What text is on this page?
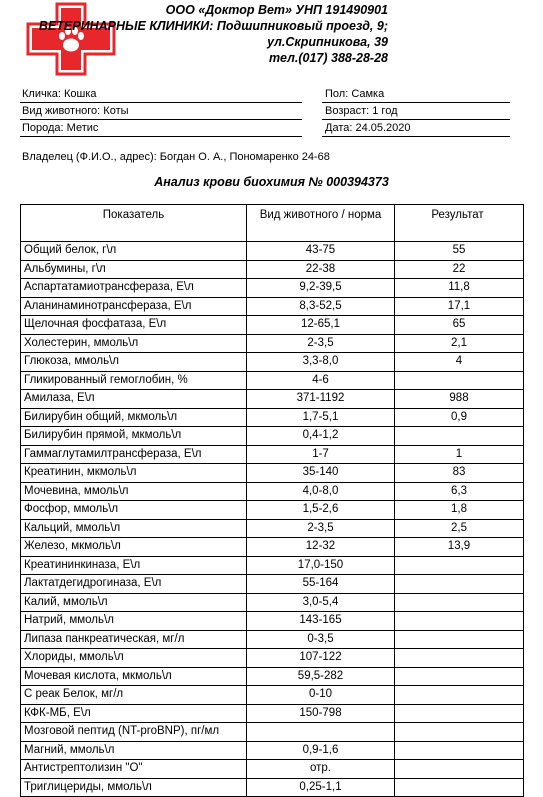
ООО «Доктор Вет» УНП 191490901
ВЕТЕРИНАРНЫЕ КЛИНИКИ: Подшипниковый проезд, 9;
ул.Скрипникова, 39
тел.(017) 388-28-28
Кличка: Кошка
Вид животного: Коты
Порода: Метис
Пол: Самка
Возраст: 1 год
Дата: 24.05.2020
Владелец (Ф.И.О., адрес): Богдан О. А., Пономаренко 24-68
Анализ крови биохимия № 000394373
Показатель	Вид животного / норма	Результат
Общий белок, г\л	43-75	55
Альбумины, г\л	22-38	22
Аспартатамиотрансфераза, Е\л	9,2-39,5	11,8
Аланинаминотрансфераза, Е\л	8,3-52,5	17,1
Щелочная фосфатаза, Е\л	12-65,1	65
Холестерин, ммоль\л	2-3,5	2,1
Глюкоза, ммоль\л	3,3-8,0	4
Гликированный гемоглобин, %	4-6	
Амилаза, Е\л	371-1192	988
Билирубин общий, мкмоль\л	1,7-5,1	0,9
Билирубин прямой, мкмоль\л	0,4-1,2	
Гаммаглутамилтрансфераза, Е\л	1-7	1
Креатинин, мкмоль\л	35-140	83
Мочевина, ммоль\л	4,0-8,0	6,3
Фосфор, ммоль\л	1,5-2,6	1,8
Кальций, ммоль\л	2-3,5	2,5
Железо, мкмоль\л	12-32	13,9
Креатининкиназа, Е\л	17,0-150	
Лактатдегидрогиназа, Е\л	55-164	
Калий, ммоль\л	3,0-5,4	
Натрий, ммоль\л	143-165	
Липаза панкреатическая, мг/л	0-3,5	
Хлориды, ммоль\л	107-122	
Мочевая кислота, мкмоль\л	59,5-282	
С реак Белок, мг/л	0-10	
КФК-МБ, Е\л	150-798	
Мозговой пептид (NT-proBNP), пг/мл		
Магний, ммоль\л	0,9-1,6	
Антистрептолизин "О"	отр.	
Триглицериды, ммоль\л	0,25-1,1	
